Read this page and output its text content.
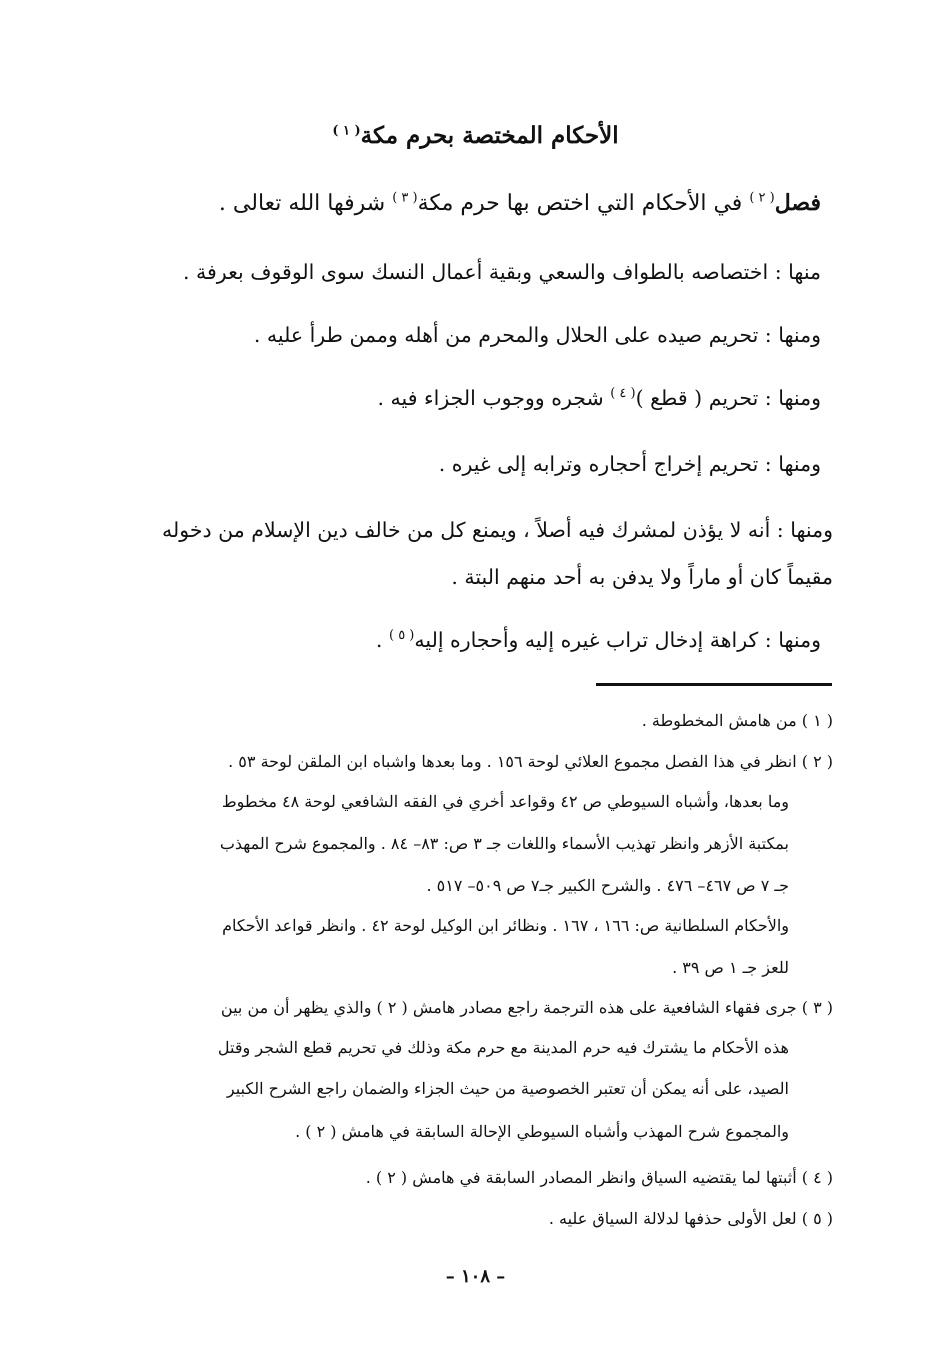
الأحكام المختصة بحرم مكة$^{( ١ )}$
فصل$^{( ٢ )}$ في الأحكام التي اختص بها حرم مكة$^{( ٣ )}$ شرفها الله تعالى .
منها : اختصاصه بالطواف والسعي وبقية أعمال النسك سوى الوقوف بعرفة .
ومنها : تحريم صيده على الحلال والمحرم من أهله وممن طرأ عليه .
ومنها : تحريم ( قطع )$^{( ٤ )}$ شجره ووجوب الجزاء فيه .
ومنها : تحريم إخراج أحجاره وترابه إلى غيره .
ومنها : أنه لا يؤذن لمشرك فيه أصلاً ، ويمنع كل من خالف دين الإسلام من دخوله
مقيماً كان أو ماراً ولا يدفن به أحد منهم البتة .
ومنها : كراهة إدخال تراب غيره إليه وأحجاره إليه$^{( ٥ )}$ .
( ١ ) من هامش المخطوطة .
( ٢ ) انظر في هذا الفصل مجموع العلائي لوحة ١٥٦ . وما بعدها واشباه ابن الملقن لوحة ٥٣ .
وما بعدها، وأشباه السيوطي ص ٤٢ وقواعد أخري في الفقه الشافعي لوحة ٤٨ مخطوط
بمكتبة الأزهر وانظر تهذيب الأسماء واللغات جـ ٣ ص: ٨٣– ٨٤ . والمجموع شرح المهذب
جـ ٧ ص ٤٦٧– ٤٧٦ . والشرح الكبير جـ٧ ص ٥٠٩– ٥١٧ .
والأحكام السلطانية ص: ١٦٦ ، ١٦٧ . ونظائر ابن الوكيل لوحة ٤٢ . وانظر قواعد الأحكام
للعز جـ ١ ص ٣٩ .
( ٣ ) جرى فقهاء الشافعية على هذه الترجمة راجع مصادر هامش ( ٢ ) والذي يظهر أن من بين
هذه الأحكام ما يشترك فيه حرم المدينة مع حرم مكة وذلك في تحريم قطع الشجر وقتل
الصيد، على أنه يمكن أن تعتبر الخصوصية من حيث الجزاء والضمان راجع الشرح الكبير
والمجموع شرح المهذب وأشباه السيوطي الإحالة السابقة في هامش ( ٢ ) .
( ٤ ) أثبتها لما يقتضيه السياق وانظر المصادر السابقة في هامش ( ٢ ) .
( ٥ ) لعل الأولى حذفها لدلالة السياق عليه .
– ١٠٨ –
